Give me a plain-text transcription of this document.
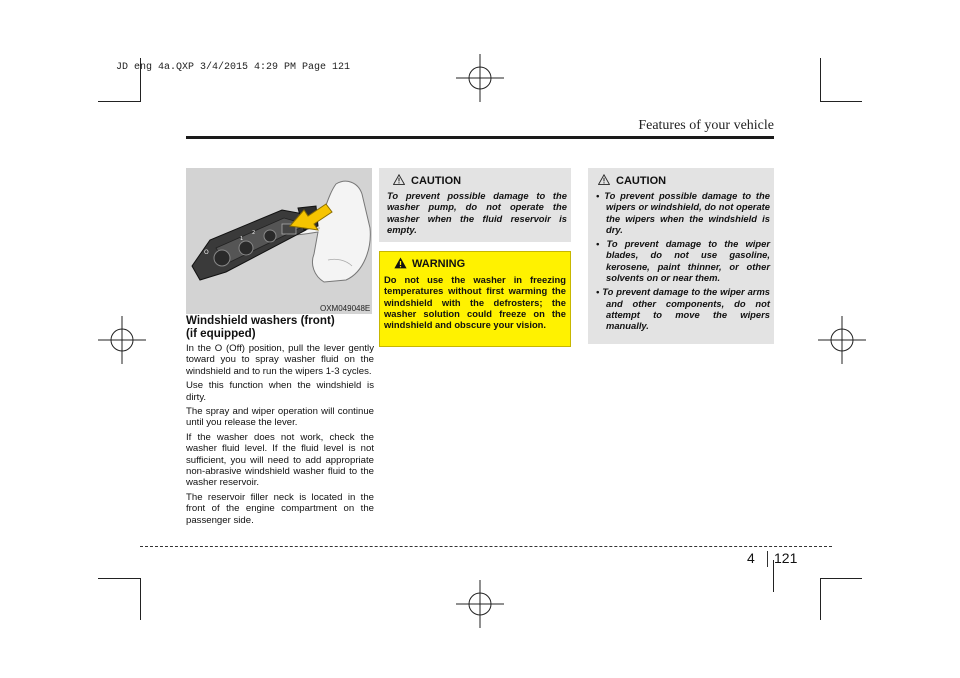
JD eng 4a.QXP 3/4/2015 4:29 PM Page 121
Features of your vehicle
O
1
2
OXM049048E
Windshield washers (front)
(if equipped)

In the O (Off) position, pull the lever gently toward you to spray washer fluid on the windshield and to run the wipers 1-3 cycles.

Use this function when the windshield is dirty.

The spray and wiper operation will continue until you release the lever.

If the washer does not work, check the washer fluid level. If the fluid level is not sufficient, you will need to add appropriate non-abrasive windshield washer fluid to the washer reservoir.

The reservoir filler neck is located in the front of the engine compartment on the passenger side.

CAUTION
To prevent possible damage to the washer pump, do not operate the washer when the fluid reservoir is empty.
WARNING
Do not use the washer in freezing temperatures without first warming the windshield with the defrosters; the washer solution could freeze on the windshield and obscure your vision.
CAUTION
• To prevent possible damage to the wipers or windshield, do not operate the wipers when the windshield is dry.
• To prevent damage to the wiper blades, do not use gasoline, kerosene, paint thinner, or other solvents on or near them.
• To prevent damage to the wiper arms and other components, do not attempt to move the wipers manually.
4 121
